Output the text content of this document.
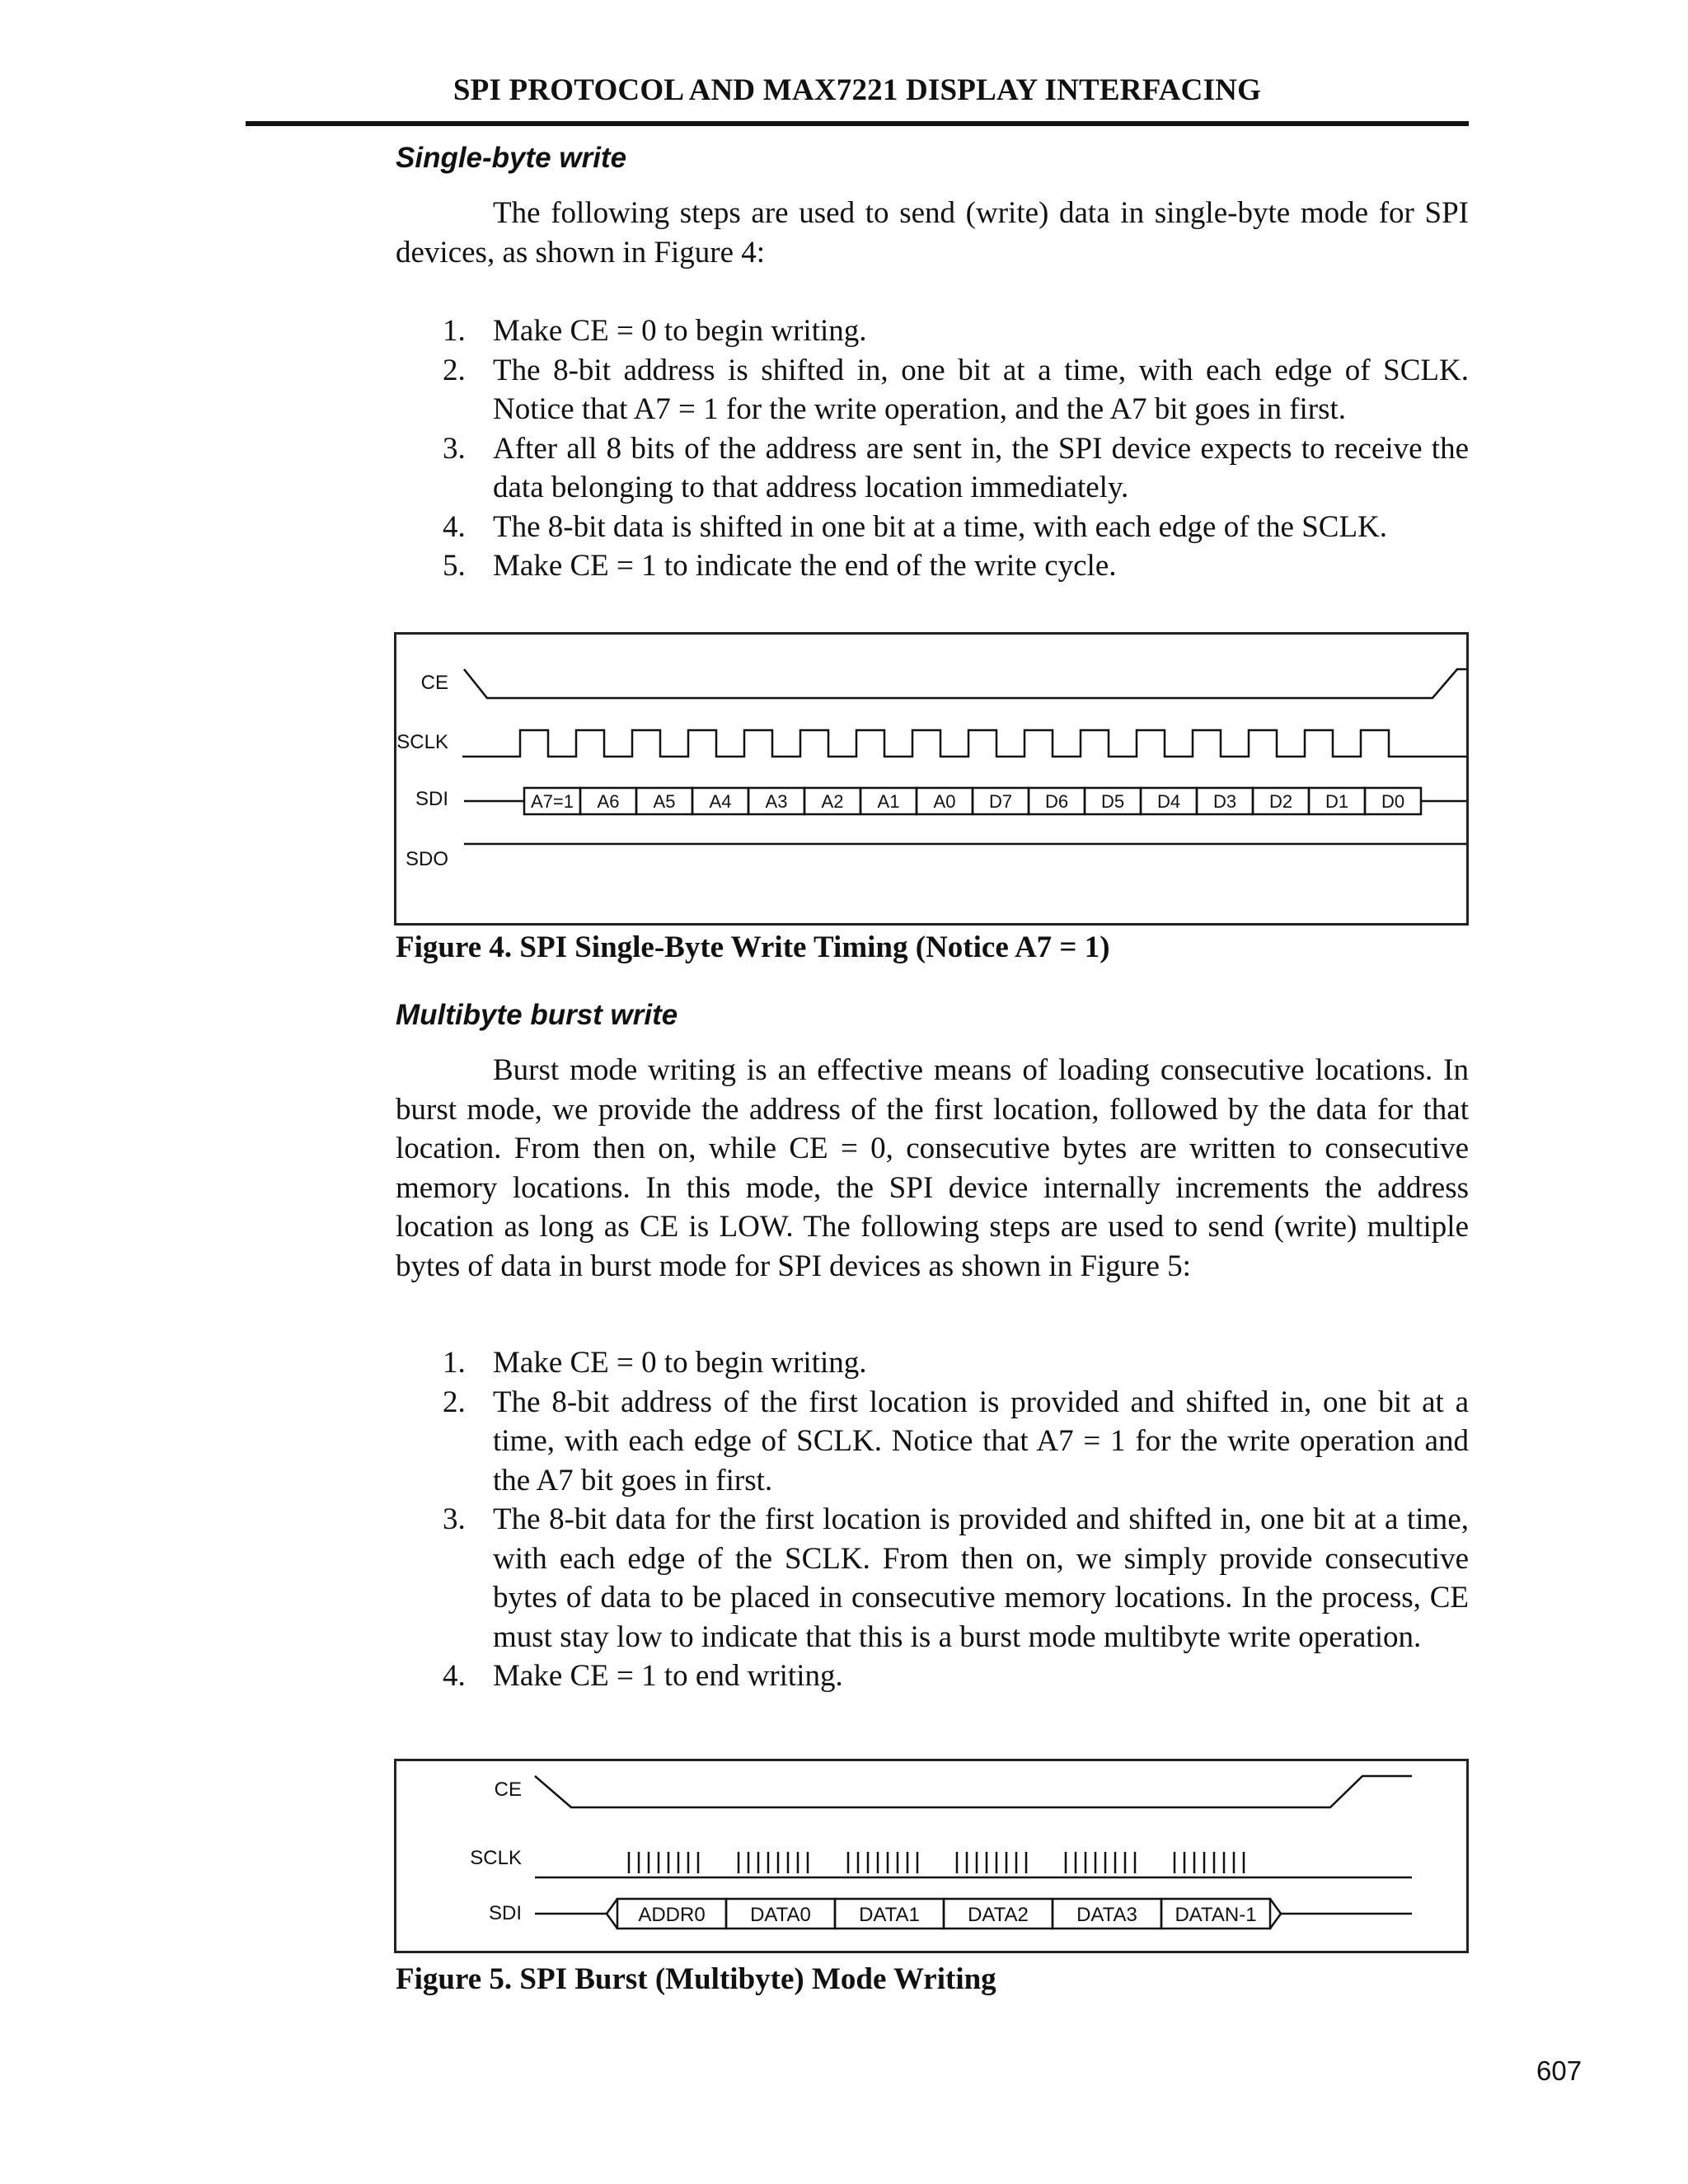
SPI PROTOCOL AND MAX7221 DISPLAY INTERFACING
Single-byte write

The following steps are used to send (write) data in single-byte mode for SPI devices, as shown in Figure 4:

1. Make CE = 0 to begin writing.
2. The 8-bit address is shifted in, one bit at a time, with each edge of SCLK. Notice that A7 = 1 for the write operation, and the A7 bit goes in first.
3. After all 8 bits of the address are sent in, the SPI device expects to receive the data belonging to that address location immediately.
4. The 8-bit data is shifted in one bit at a time, with each edge of the SCLK.
5. Make CE = 1 to indicate the end of the write cycle.
CE
SCLK
SDI
SDO
A7=1 A6 A5 A4 A3 A2 A1 A0 D7 D6 D5 D4 D3 D2 D1 D0
Figure 4. SPI Single-Byte Write Timing (Notice A7 = 1)
Multibyte burst write

Burst mode writing is an effective means of loading consecutive locations. In burst mode, we provide the address of the first location, followed by the data for that location. From then on, while CE = 0, consecutive bytes are written to consecutive memory locations. In this mode, the SPI device internally increments the address location as long as CE is LOW. The following steps are used to send (write) multiple bytes of data in burst mode for SPI devices as shown in Figure 5:

1. Make CE = 0 to begin writing.
2. The 8-bit address of the first location is provided and shifted in, one bit at a time, with each edge of SCLK. Notice that A7 = 1 for the write operation and the A7 bit goes in first.
3. The 8-bit data for the first location is provided and shifted in, one bit at a time, with each edge of the SCLK. From then on, we simply provide consecutive bytes of data to be placed in consecutive memory locations. In the process, CE must stay low to indicate that this is a burst mode multibyte write operation.
4. Make CE = 1 to end writing.
CE
SCLK
SDI	ADDR0 DATA0 DATA1 DATA2 DATA3 DATAN-1
Figure 5. SPI Burst (Multibyte) Mode Writing
607
